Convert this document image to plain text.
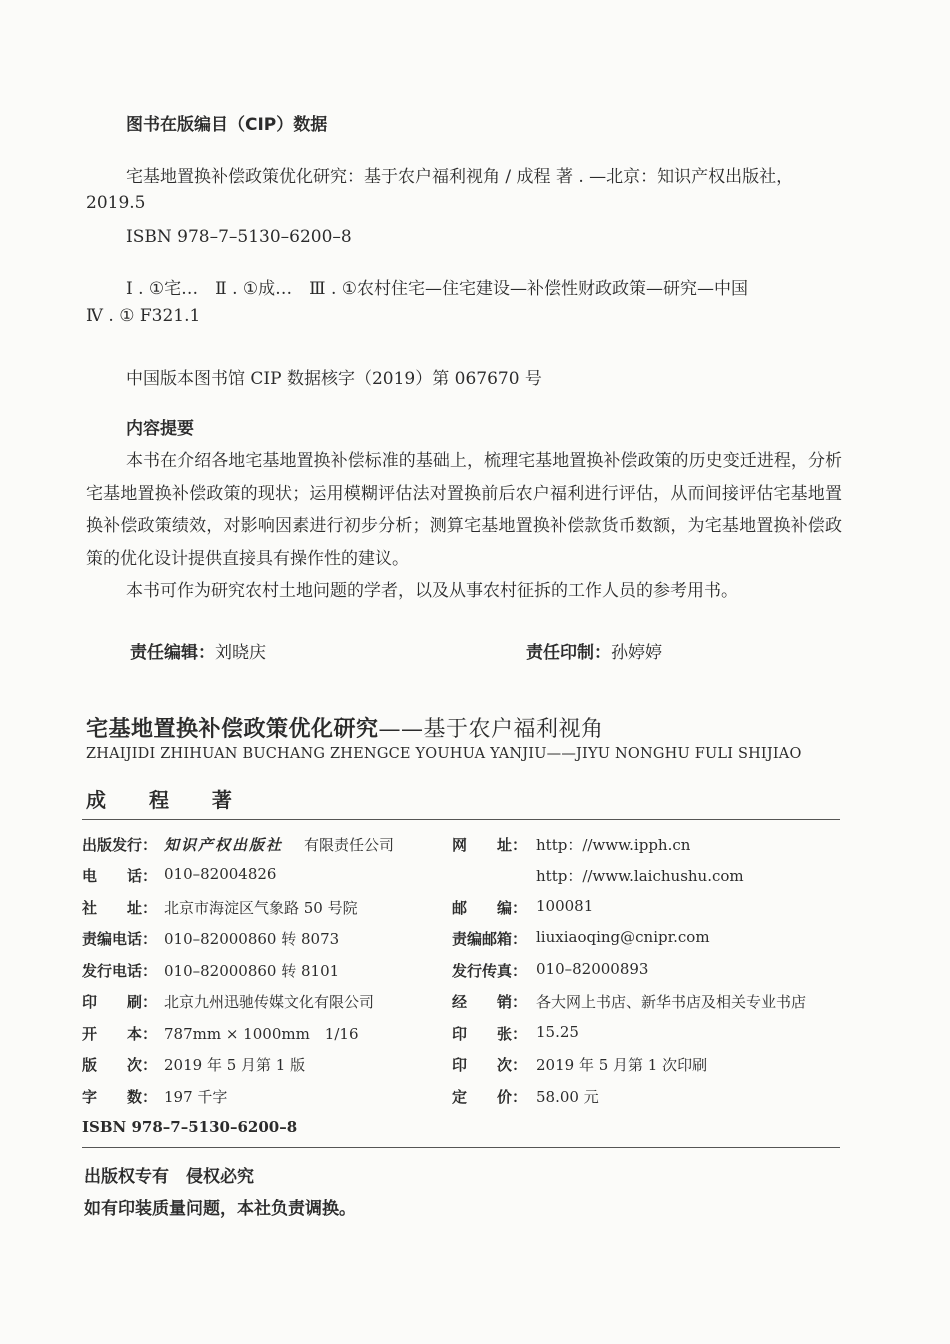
图书在版编目（CIP）数据
宅基地置换补偿政策优化研究：基于农户福利视角 / 成程 著 . —北京：知识产权出版社，
2019.5
ISBN 978–7–5130–6200–8
Ⅰ . ①宅…　Ⅱ . ①成…　Ⅲ . ①农村住宅—住宅建设—补偿性财政政策—研究—中国
Ⅳ . ① F321.1
中国版本图书馆 CIP 数据核字（2019）第 067670 号
内容提要

本书在介绍各地宅基地置换补偿标准的基础上，梳理宅基地置换补偿政策的历史变迁进程，分析宅基地置换补偿政策的现状；运用模糊评估法对置换前后农户福利进行评估，从而间接评估宅基地置换补偿政策绩效，对影响因素进行初步分析；测算宅基地置换补偿款货币数额，为宅基地置换补偿政策的优化设计提供直接具有操作性的建议。

本书可作为研究农村土地问题的学者，以及从事农村征拆的工作人员的参考用书。

责任编辑：刘晓庆	责任印制：孙婷婷
宅基地置换补偿政策优化研究——基于农户福利视角
ZHAIJIDI ZHIHUAN BUCHANG ZHENGCE YOUHUA YANJIU——JIYU NONGHU FULI SHIJIAO
成 程 著
出版发行： 知识产权出版社 有限责任公司	网　　址： http：//www.ipph.cn
电　　话： 010–82004826	http：//www.laichushu.com
社　　址： 北京市海淀区气象路 50 号院	邮　　编： 100081
责编电话： 010–82000860 转 8073	责编邮箱： liuxiaoqing@cnipr.com
发行电话： 010–82000860 转 8101	发行传真： 010–82000893
印　　刷： 北京九州迅驰传媒文化有限公司	经　　销： 各大网上书店、新华书店及相关专业书店
开　　本： 787mm × 1000mm　1/16	印　　张： 15.25
版　　次： 2019 年 5 月第 1 版	印　　次： 2019 年 5 月第 1 次印刷
字　　数： 197 千字	定　　价： 58.00 元
ISBN 978–7–5130–6200–8
出版权专有　侵权必究
如有印装质量问题，本社负责调换。
